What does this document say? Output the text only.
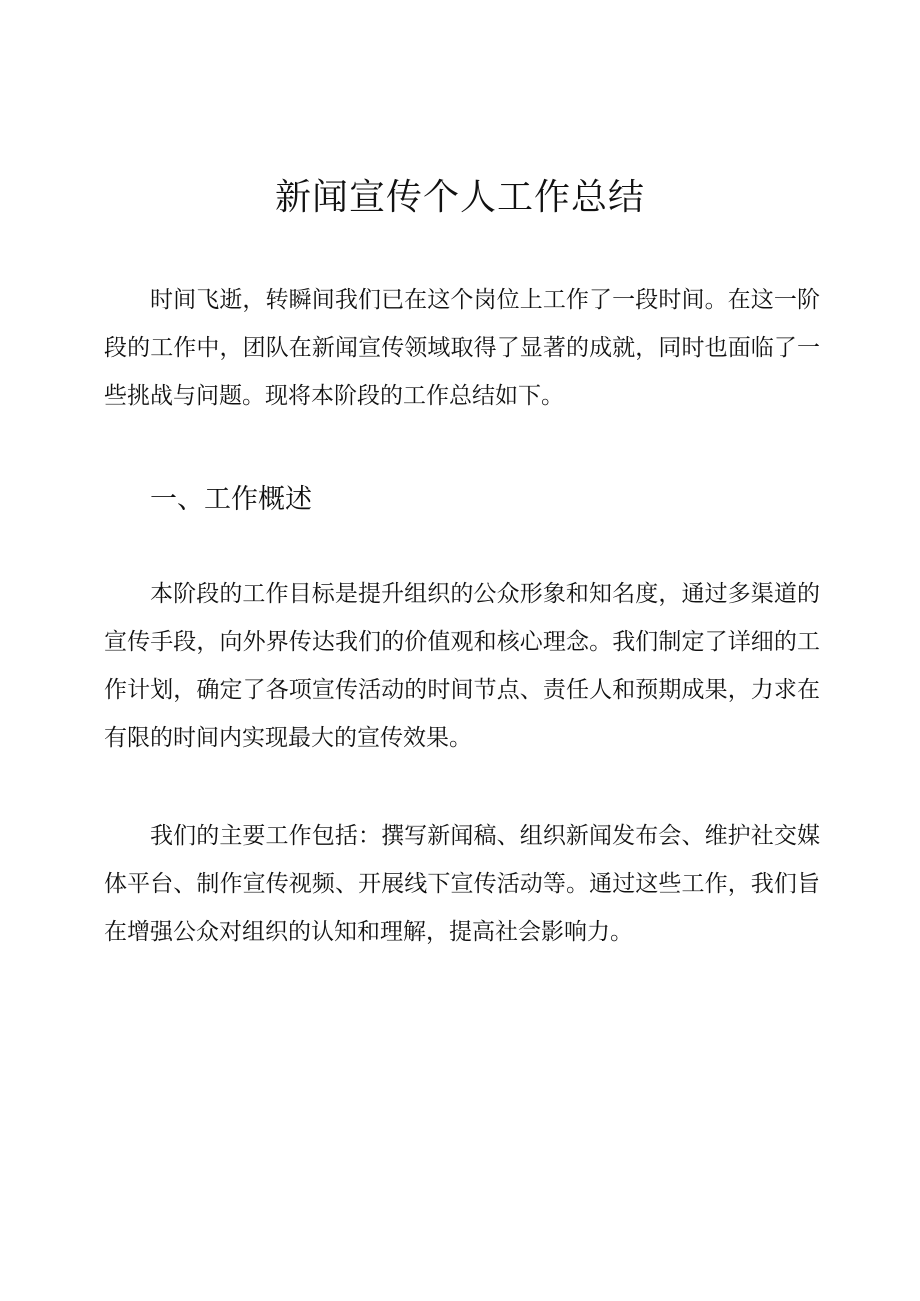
新闻宣传个人工作总结

时间飞逝，转瞬间我们已在这个岗位上工作了一段时间。在这一阶段的工作中，团队在新闻宣传领域取得了显著的成就，同时也面临了一些挑战与问题。现将本阶段的工作总结如下。

一、工作概述

本阶段的工作目标是提升组织的公众形象和知名度，通过多渠道的宣传手段，向外界传达我们的价值观和核心理念。我们制定了详细的工作计划，确定了各项宣传活动的时间节点、责任人和预期成果，力求在有限的时间内实现最大的宣传效果。

我们的主要工作包括：撰写新闻稿、组织新闻发布会、维护社交媒体平台、制作宣传视频、开展线下宣传活动等。通过这些工作，我们旨在增强公众对组织的认知和理解，提高社会影响力。
